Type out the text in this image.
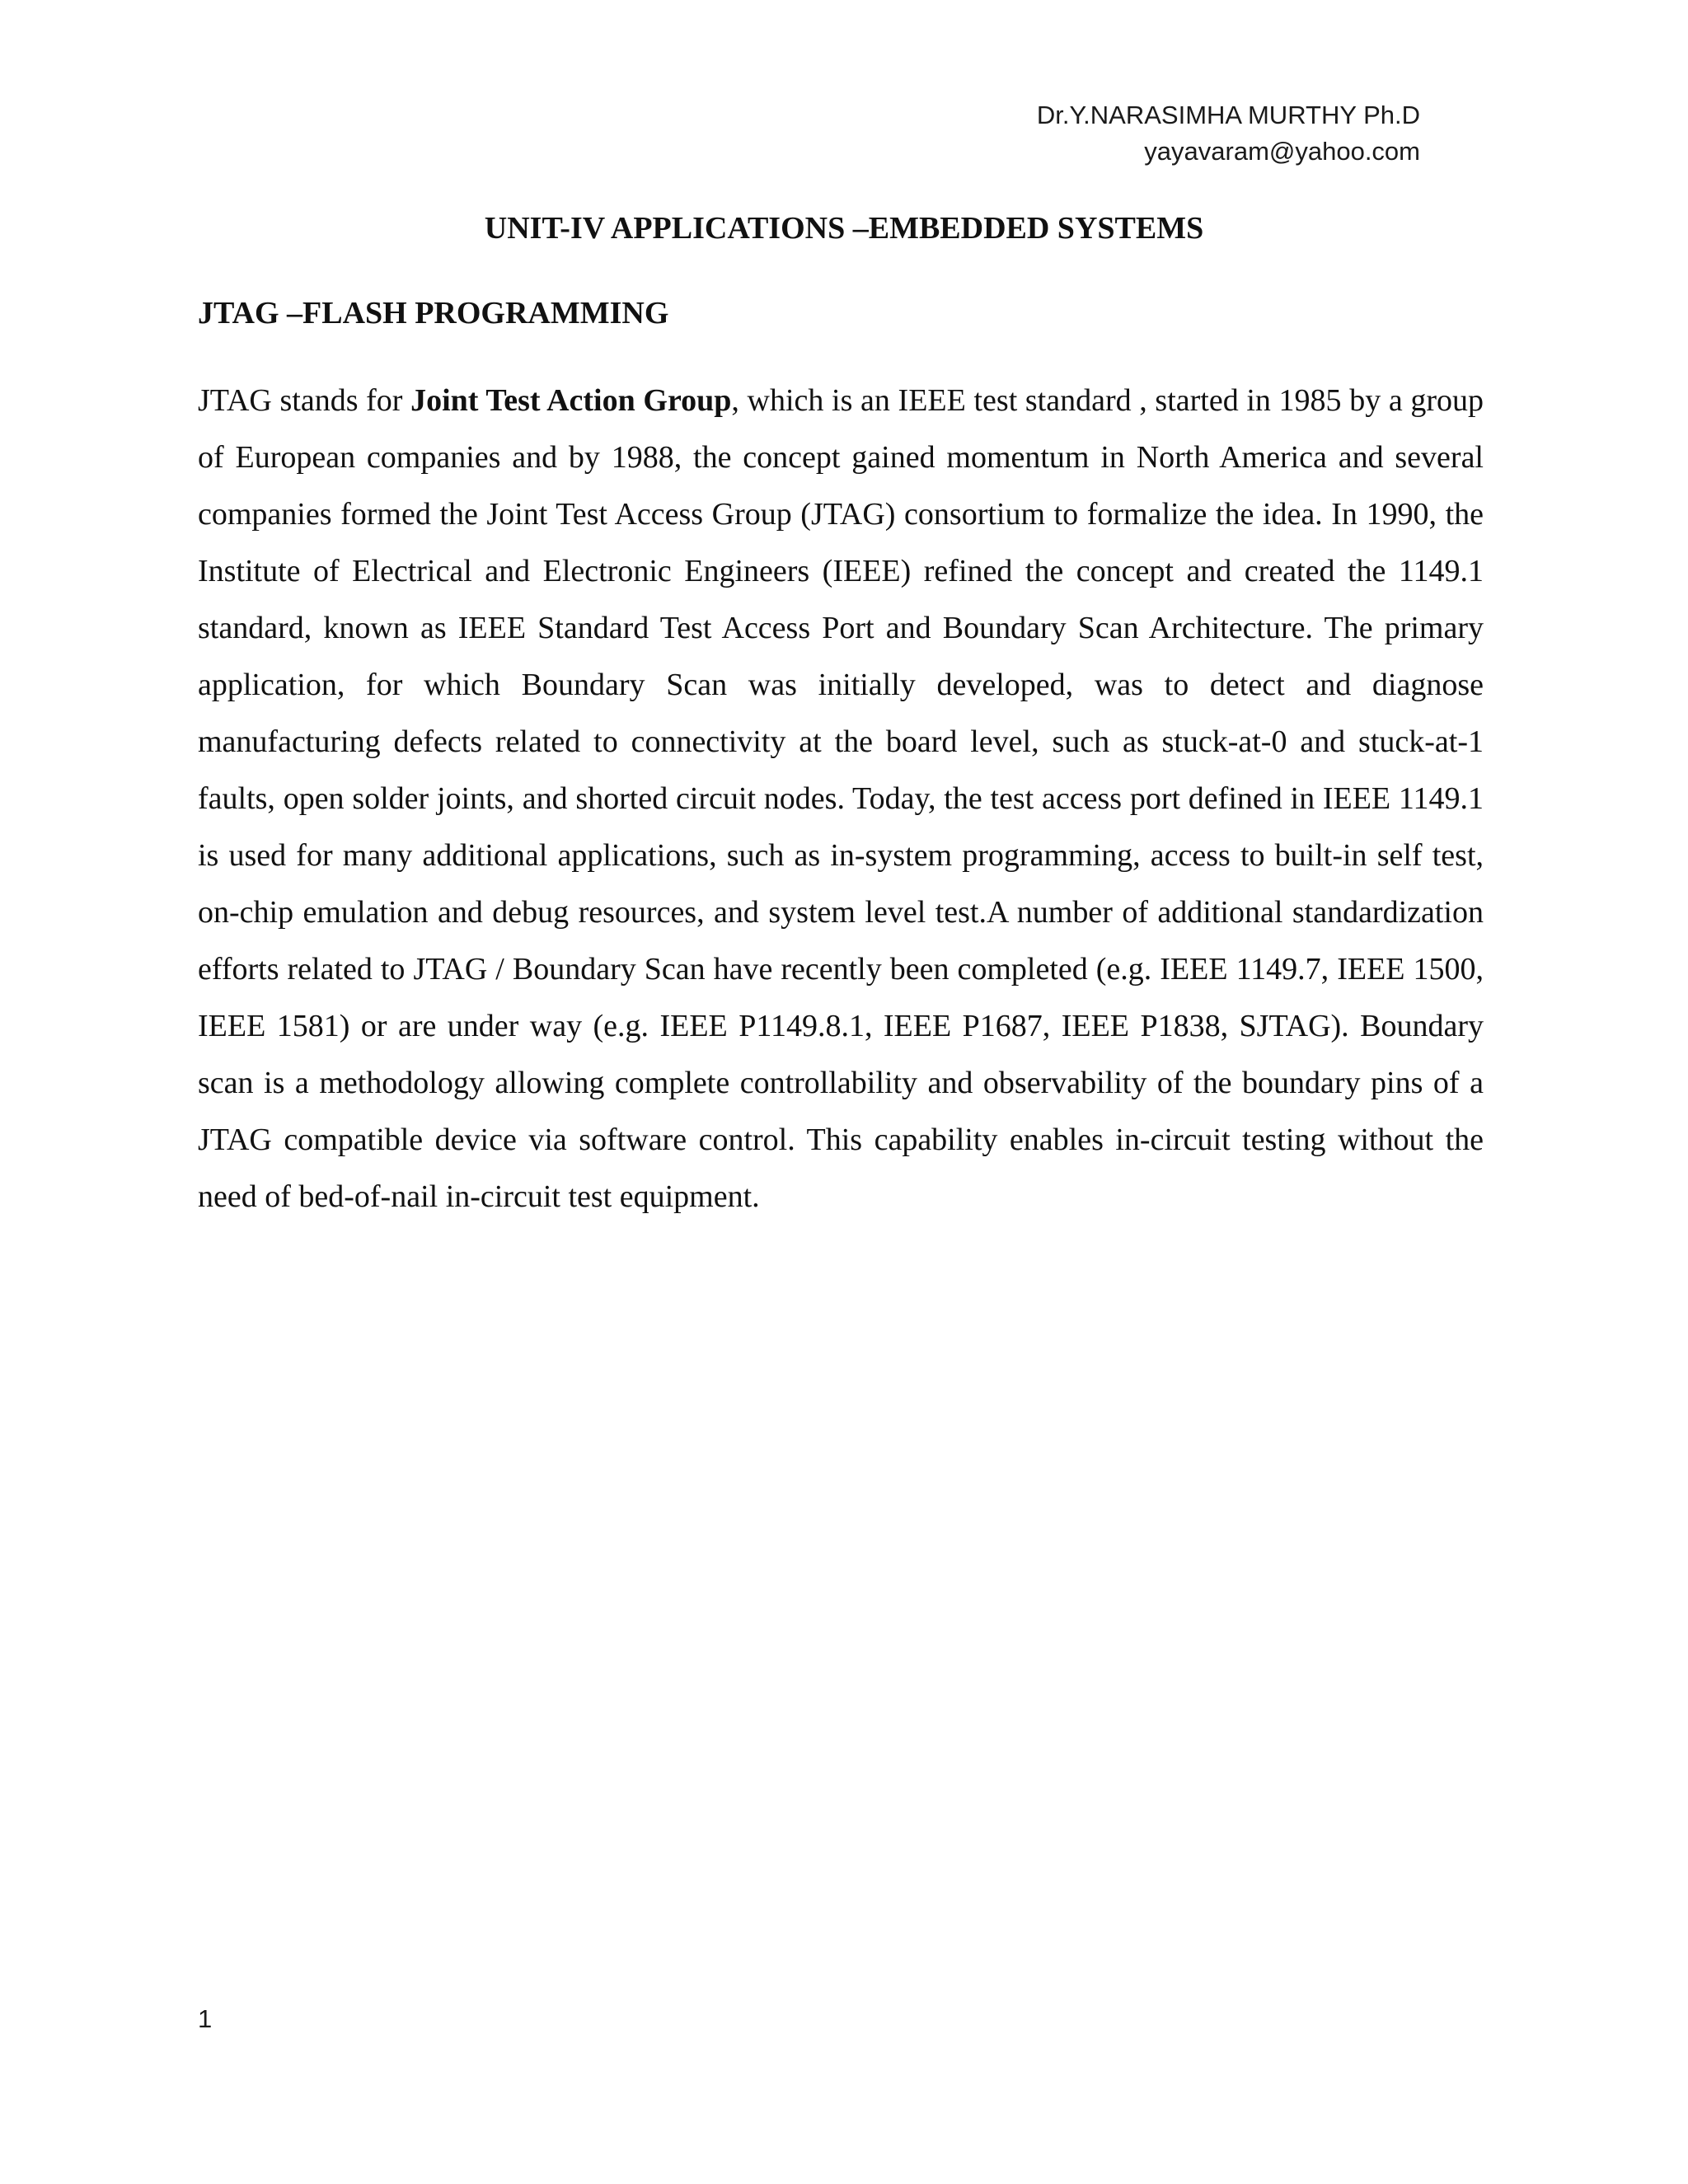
Dr.Y.NARASIMHA MURTHY Ph.D
yayavaram@yahoo.com
UNIT-IV APPLICATIONS –EMBEDDED SYSTEMS
JTAG –FLASH PROGRAMMING
JTAG stands for Joint Test Action Group, which is an IEEE test standard , started in 1985 by a group of European companies and by 1988, the concept gained momentum in North America and several companies formed the Joint Test Access Group (JTAG) consortium to formalize the idea. In 1990, the Institute of Electrical and Electronic Engineers (IEEE) refined the concept and created the 1149.1 standard, known as IEEE Standard Test Access Port and Boundary Scan Architecture. The primary application, for which Boundary Scan was initially developed, was to detect and diagnose manufacturing defects related to connectivity at the board level, such as stuck-at-0 and stuck-at-1 faults, open solder joints, and shorted circuit nodes. Today, the test access port defined in IEEE 1149.1 is used for many additional applications, such as in-system programming, access to built-in self test, on-chip emulation and debug resources, and system level test.A number of additional standardization efforts related to JTAG / Boundary Scan have recently been completed (e.g. IEEE 1149.7, IEEE 1500, IEEE 1581) or are under way (e.g. IEEE P1149.8.1, IEEE P1687, IEEE P1838, SJTAG). Boundary scan is a methodology allowing complete controllability and observability of the boundary pins of a JTAG compatible device via software control. This capability enables in-circuit testing without the need of bed-of-nail in-circuit test equipment.
1
